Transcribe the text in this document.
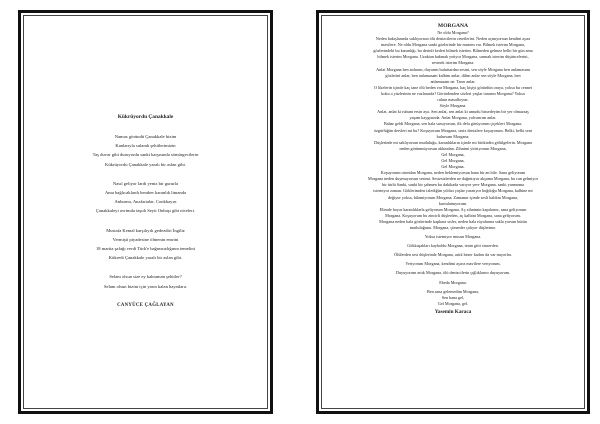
Kükrüyordu Çanakkale
Namus göründü Çanakkale bizim
Kanlarıyla sulandı şehitlerimizin
Taş duvar gibi duruyordu sanki karşısında sömürgecilerin
Kükrüyordu Çanakkale yaralı bir aslan gibi.
Nasıl geliyor lardı yeniz bir gururla
Ama bağlıcaklardı beraber karanlık limanda
Anburnu, Anafartalar, Conkbayırı
Çanakkaleyi avrimda taşıdı Seyit Onbaşı gibi niceleri.
Mustafa Kemal karşılıyılı gedezdiri İngiliz
Vermişti piyadesine ölmenin emrini
18 martta şafağı verdi Türk'e bağımsızlığının temelini
Kükredi Çanakkale yaralı bir aslan gibi.
Selam olsun size ey kahraman şehitler?
Selam olsun bizim için yarın kalan hayatlara.
CANYÜCE ÇAĞLAYAN
MORGANA
Ne oldu Morgana?
Neden bakışlarında saklıyorsun ölü denizcilerin cesetlerini. Neden açmıyorsun kendini aşıra
mavilere. Ne oldu Morgana sanki gözlerinde bir mazem var. Bilmek isterim Morgana,
gözlerindeki bu karanlığı, bu derinli kederi bilmek isterim. Bilmeden gelmez belki bir gün ama
bilmek isterim Morgana. Uzaktan bakmak yetiyor Morgana, sarmak isterim düşüncelerini,
sevmek isterim Morgana.
Anlat Morgana ben anlarım, duyarım buluttardan sesini, sen söyle Morgana ben anlamasam
gözlerini anlar, ben anlamasam kalbim anlar, dilim anlar sen söyle Morgana, ben
anlamasam ne. Tanrı anlar.
O likelerin içinde kaç tane ölü beden var Morgana, kaç kişiyi götürdün oraya, yoksa bu cennet
koku o yüzlerinin ne vazlarında? Görürdenden sözleri yaşlar tanırım Morgana? Yoksa
ruhun masalloyun.
Söyle Morgana.
Anlat, anlat ki ruhum ersin aya. Sen anlat, sen anlat ki umudu hissedeyim bir yer olmazsaş
yaşam kaygısında. Anlat Morgana, yalvarırım anlat.
Bahar geldi Morgana, sen hala susuyorsun, ilk defa görüyorum çiçekleri Morgana,
özgürlüğün dersleri mi bu? Koşuyorum Morgana, sesiz denizlere koşuyorum. Belki, belki seni
bulursam Morgana.
Düşlerinde mi saklıyorsun mutluluğu, karanlıkların içinde mi birikirdin gölülgelerin. Morgana
neden görünmüyorsun aklımdan. Zihnimi yitiriyorum Morgana,
Gel Morgana,
Gel Morgana,
Gel Morgana.
Koşuyorum rıtımdan Morgana, neden beklemiyorsun bana bir an bile. Sana geliyorum
Morgana neden duymuyorsun sesimi. Sesizsizlerden ne dağıntıyor akşama Morgana, bu run gelmiyor
bir türlü Sanki, sanki bir şahmen bu dakikada varıyor yere Morgana, sanki yanmama
istemiyor zaman. Göklerimden izlediğim yıldızı yaşlar yaratıyor boğdoğu Morgana, kalbine mi
değiyor yoksa, bilamiyorum Morgana. Zamanın içinde sesli kaldım Morgana,
kurtulamıyorum.
Elimde boyar karanlıklarla geliyorum Morgana. Aç zihnimin kapılarını, sana geliyorum
Morgana. Koşuyorum bu zincirli düşlerden, aç kalbini Morgana, sana geliyorum.
Morgana neden hala gözlerinde kapkara sisler, neden hala rüyalarına sakla yorsun bütün
mutluluğunu. Morgana, çimenler çalıyor düşlerime.
Yoksa istemiyor musun Morgana.
Gökkuşakları kayboldu Morgana, tenin gitti sisnerden.
Ölülerden sesi düşlerinde Morgana, artık bezer kadarı da var mıyorlar.
Veriyorum Morgana, kendimi aşırız mavilere veriyorum,
Duyuyorum artık Morgana, ölü denizcilerin çığlıklarını duyuyorum.
Ebeda Morgana.
Ben sana gelemedim Morgana,
Sen bana gel,
Gel Morgana, gel.
Yasemin Karaca
